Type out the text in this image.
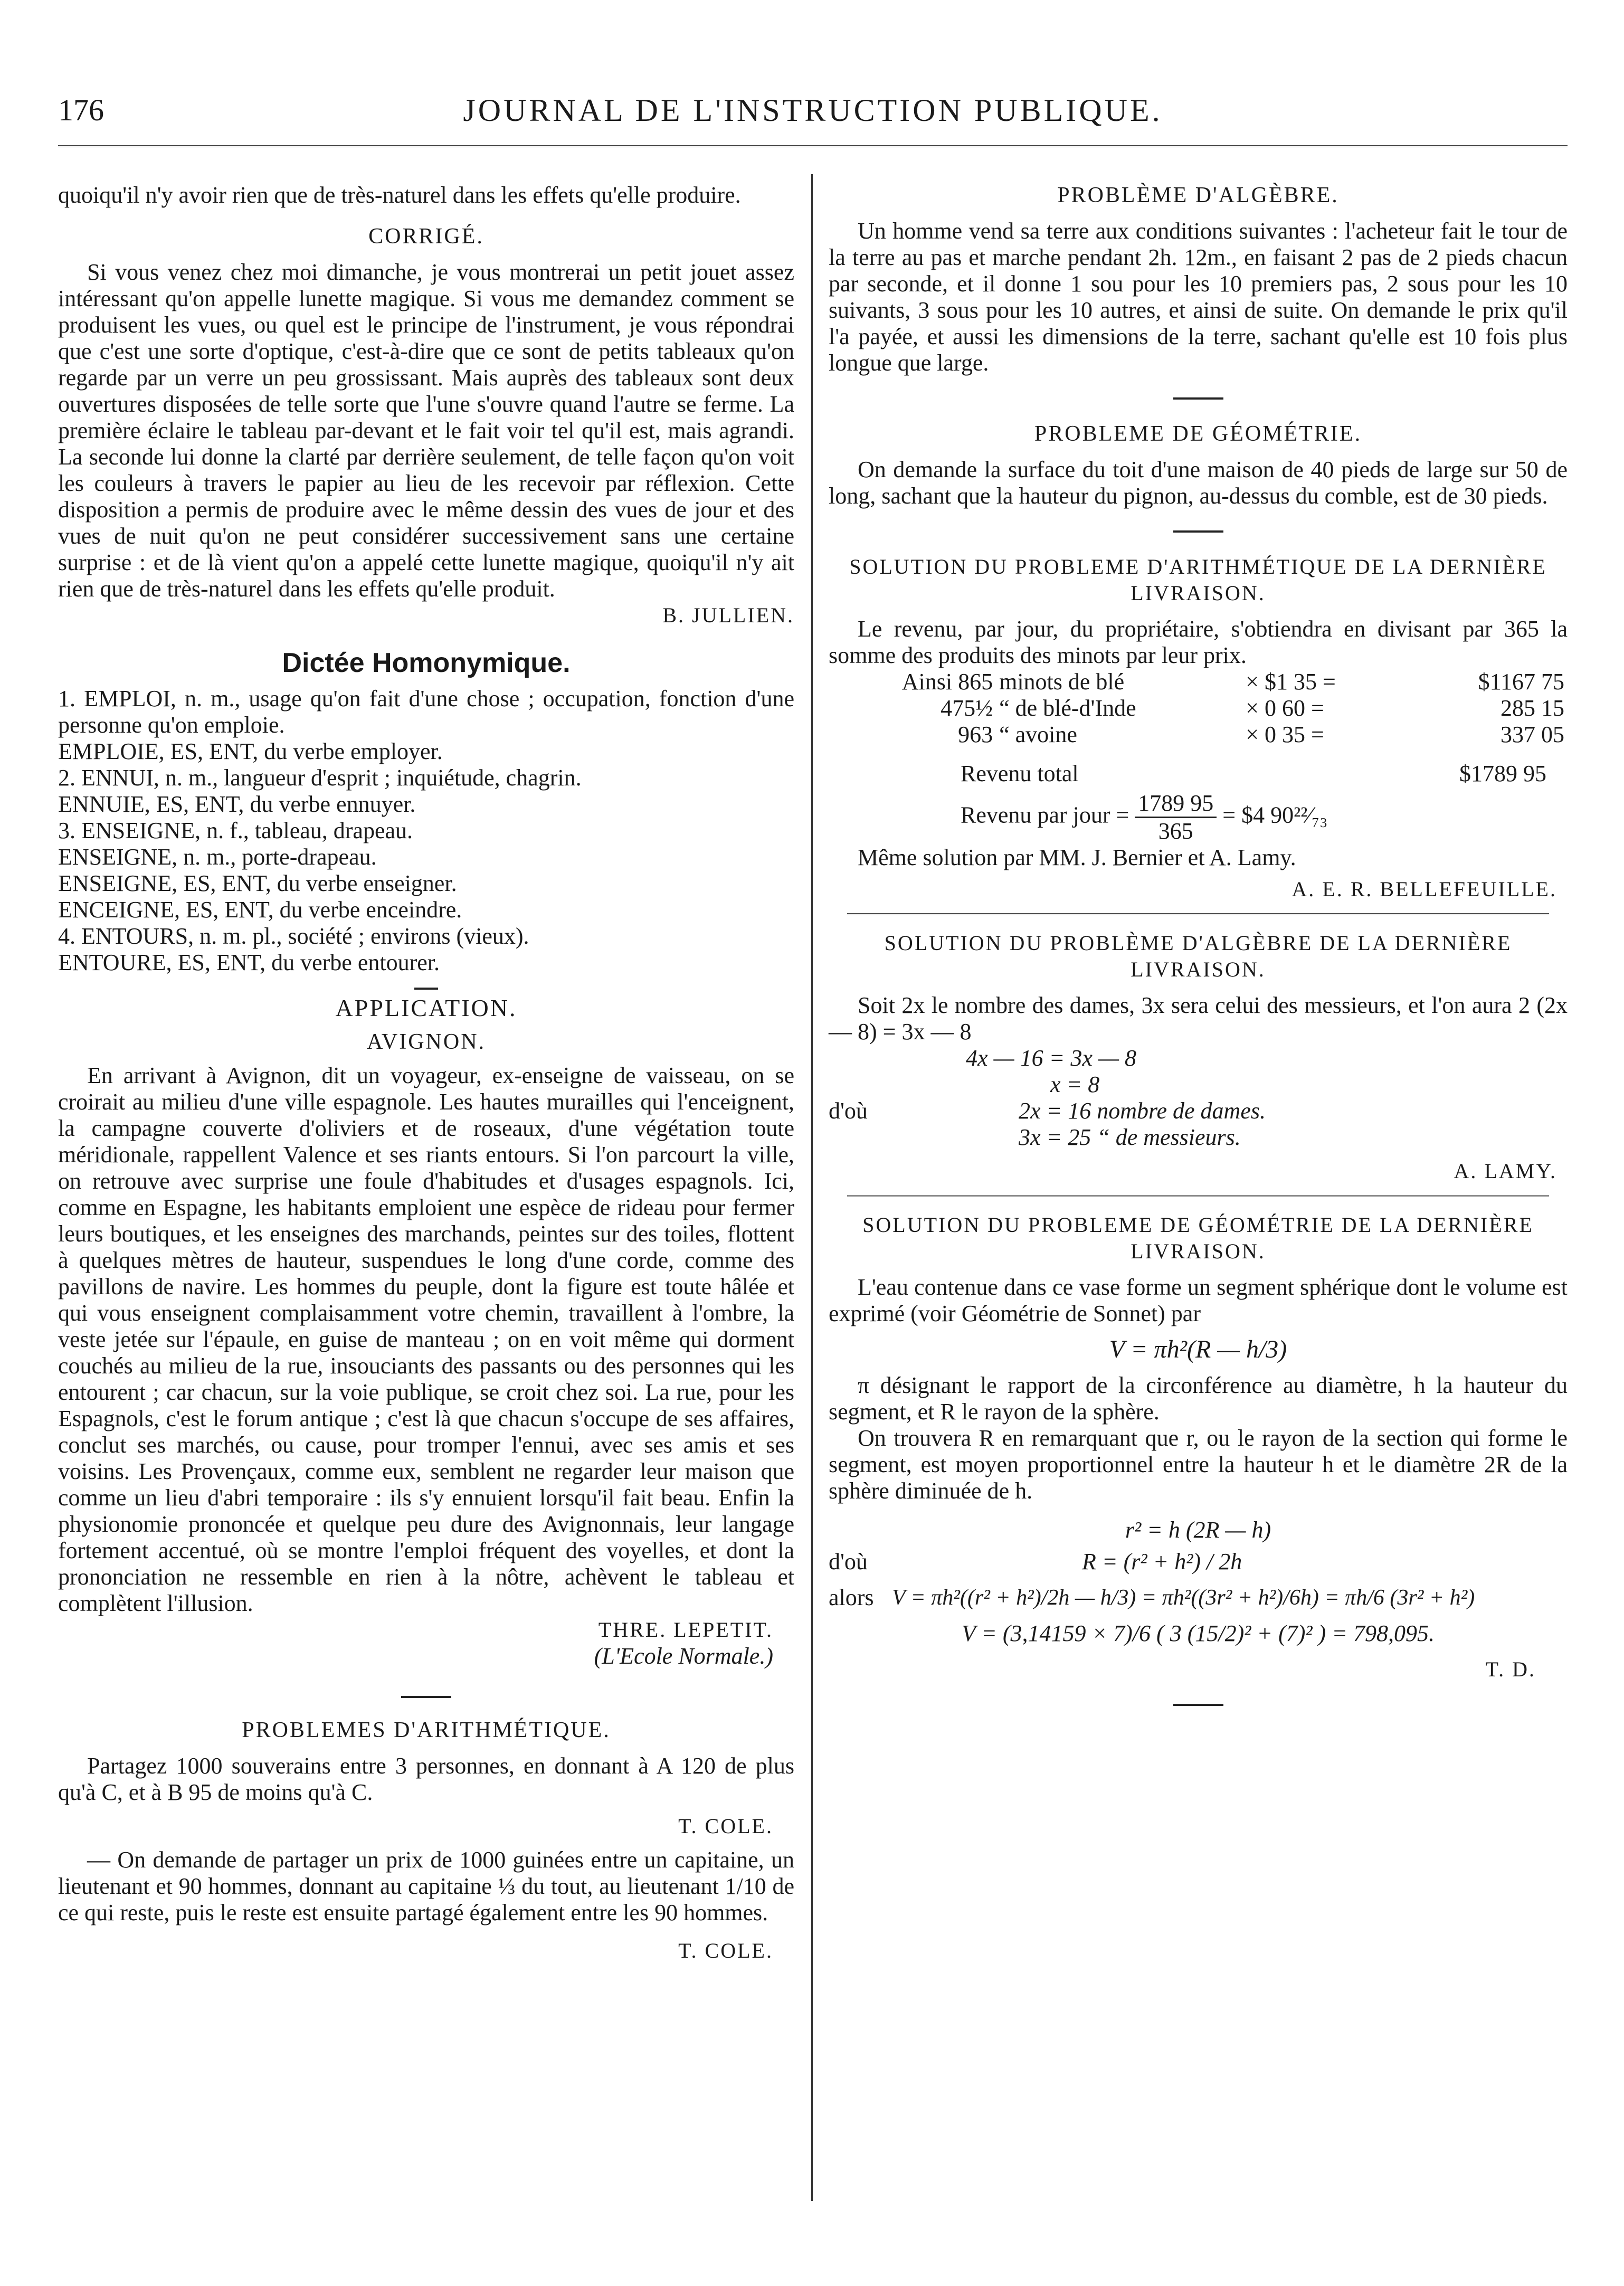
176	JOURNAL DE L'INSTRUCTION PUBLIQUE.

quoiqu'il n'y avoir rien que de très-naturel dans les effets qu'elle produire.

CORRIGÉ.

Si vous venez chez moi dimanche, je vous montrerai un petit jouet assez intéressant qu'on appelle lunette magique. Si vous me demandez comment se produisent les vues, ou quel est le principe de l'instrument, je vous répondrai que c'est une sorte d'optique, c'est-à-dire que ce sont de petits tableaux qu'on regarde par un verre un peu grossissant. Mais auprès des tableaux sont deux ouvertures disposées de telle sorte que l'une s'ouvre quand l'autre se ferme. La première éclaire le tableau par-devant et le fait voir tel qu'il est, mais agrandi. La seconde lui donne la clarté par derrière seulement, de telle façon qu'on voit les couleurs à travers le papier au lieu de les recevoir par réflexion. Cette disposition a permis de produire avec le même dessin des vues de jour et des vues de nuit qu'on ne peut considérer successivement sans une certaine surprise : et de là vient qu'on a appelé cette lunette magique, quoiqu'il n'y ait rien que de très-naturel dans les effets qu'elle produit.

B. JULLIEN.

Dictée Homonymique.

1. EMPLOI, n. m., usage qu'on fait d'une chose ; occupation, fonction d'une personne qu'on emploie.

EMPLOIE, ES, ENT, du verbe employer.

2. ENNUI, n. m., langueur d'esprit ; inquiétude, chagrin.

ENNUIE, ES, ENT, du verbe ennuyer.

3. ENSEIGNE, n. f., tableau, drapeau.

ENSEIGNE, n. m., porte-drapeau.

ENSEIGNE, ES, ENT, du verbe enseigner.

ENCEIGNE, ES, ENT, du verbe enceindre.

4. ENTOURS, n. m. pl., société ; environs (vieux).

ENTOURE, ES, ENT, du verbe entourer.

APPLICATION.
AVIGNON.

En arrivant à Avignon, dit un voyageur, ex-enseigne de vaisseau, on se croirait au milieu d'une ville espagnole. Les hautes murailles qui l'enceignent, la campagne couverte d'oliviers et de roseaux, d'une végétation toute méridionale, rappellent Valence et ses riants entours. Si l'on parcourt la ville, on retrouve avec surprise une foule d'habitudes et d'usages espagnols. Ici, comme en Espagne, les habitants emploient une espèce de rideau pour fermer leurs boutiques, et les enseignes des marchands, peintes sur des toiles, flottent à quelques mètres de hauteur, suspendues le long d'une corde, comme des pavillons de navire. Les hommes du peuple, dont la figure est toute hâlée et qui vous enseignent complaisamment votre chemin, travaillent à l'ombre, la veste jetée sur l'épaule, en guise de manteau ; on en voit même qui dorment couchés au milieu de la rue, insouciants des passants ou des personnes qui les entourent ; car chacun, sur la voie publique, se croit chez soi. La rue, pour les Espagnols, c'est le forum antique ; c'est là que chacun s'occupe de ses affaires, conclut ses marchés, ou cause, pour tromper l'ennui, avec ses amis et ses voisins. Les Provençaux, comme eux, semblent ne regarder leur maison que comme un lieu d'abri temporaire : ils s'y ennuient lorsqu'il fait beau. Enfin la physionomie prononcée et quelque peu dure des Avignonnais, leur langage fortement accentué, où se montre l'emploi fréquent des voyelles, et dont la prononciation ne ressemble en rien à la nôtre, achèvent le tableau et complètent l'illusion.

THRE. LEPETIT.

(L'Ecole Normale.)

PROBLEMES D'ARITHMÉTIQUE.

Partagez 1000 souverains entre 3 personnes, en donnant à A 120 de plus qu'à C, et à B 95 de moins qu'à C.

T. COLE.

— On demande de partager un prix de 1000 guinées entre un capitaine, un lieutenant et 90 hommes, donnant au capitaine ⅓ du tout, au lieutenant 1/10 de ce qui reste, puis le reste est ensuite partagé également entre les 90 hommes.

T. COLE.

PROBLÈME D'ALGÈBRE.

Un homme vend sa terre aux conditions suivantes : l'acheteur fait le tour de la terre au pas et marche pendant 2h. 12m., en faisant 2 pas de 2 pieds chacun par seconde, et il donne 1 sou pour les 10 premiers pas, 2 sous pour les 10 suivants, 3 sous pour les 10 autres, et ainsi de suite. On demande le prix qu'il l'a payée, et aussi les dimensions de la terre, sachant qu'elle est 10 fois plus longue que large.

PROBLEME DE GÉOMÉTRIE.

On demande la surface du toit d'une maison de 40 pieds de large sur 50 de long, sachant que la hauteur du pignon, au-dessus du comble, est de 30 pieds.

SOLUTION DU PROBLEME D'ARITHMÉTIQUE DE LA DERNIÈRE LIVRAISON.

Le revenu, par jour, du propriétaire, s'obtiendra en divisant par 365 la somme des produits des minots par leur prix.

Ainsi 865	minots de blé	× $1 35 =	$1167 75
475½	“ de blé-d'Inde	× 0 60 =	285 15
963	“ avoine	× 0 35 =	337 05
Revenu total	$1789 95
Revenu par jour = $\frac{1789 95}{365}$ = $4 90²²⁄₇₃

Même solution par MM. J. Bernier et A. Lamy.

A. E. R. BELLEFEUILLE.

SOLUTION DU PROBLÈME D'ALGÈBRE DE LA DERNIÈRE LIVRAISON.

Soit 2x le nombre des dames, 3x sera celui des messieurs, et l'on aura 2 (2x — 8) = 3x — 8

4x — 16 = 3x — 8

x = 8

d'où	2x = 16 nombre de dames.

3x = 25 “ de messieurs.

A. LAMY.

SOLUTION DU PROBLEME DE GÉOMÉTRIE DE LA DERNIÈRE LIVRAISON.

L'eau contenue dans ce vase forme un segment sphérique dont le volume est exprimé (voir Géométrie de Sonnet) par

V = πh²(R — h/3)

π désignant le rapport de la circonférence au diamètre, h la hauteur du segment, et R le rayon de la sphère.

On trouvera R en remarquant que r, ou le rayon de la section qui forme le segment, est moyen proportionnel entre la hauteur h et le diamètre 2R de la sphère diminuée de h.

r² = h (2R — h)

d'où	R = (r² + h²) / 2h

alors V = πh²((r² + h²)/2h — h/3) = πh²((3r² + h²)/6h) = πh/6 (3r² + h²)

V = (3,14159 × 7)/6 ( 3 (15/2)² + (7)² ) = 798,095.

T. D.
